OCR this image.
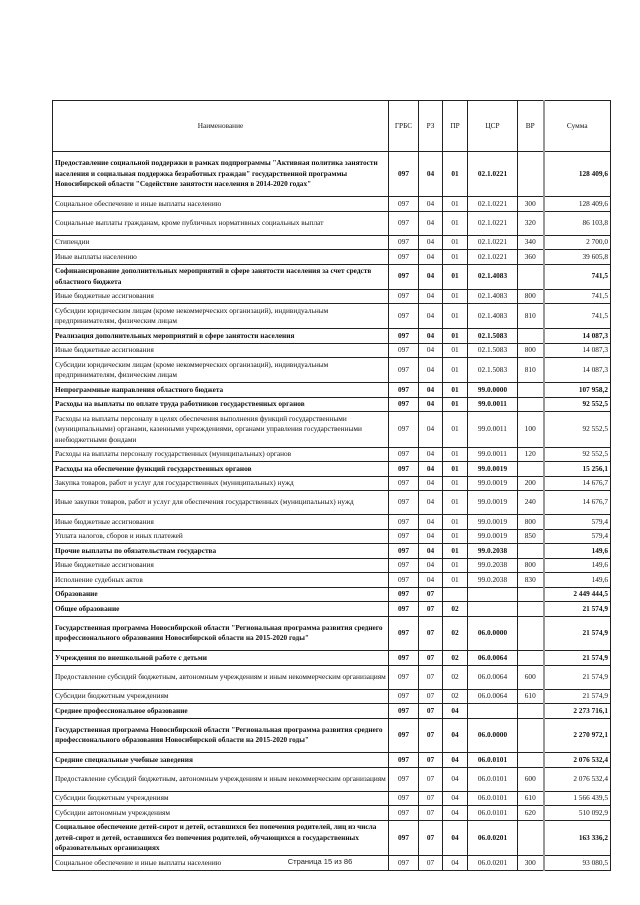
Наименование	ГРБС	РЗ	ПР	ЦСР	ВР	Сумма
Предоставление социальной поддержки в рамках подпрограммы "Активная политика занятости населения и социальная поддержка безработных граждан" государственной программы Новосибирской области "Содействие занятости населения в 2014-2020 годах"	097	04	01	02.1.0221		128 409,6
Социальное обеспечение и иные выплаты населению	097	04	01	02.1.0221	300	128 409,6
Социальные выплаты гражданам, кроме публичных нормативных социальных выплат	097	04	01	02.1.0221	320	86 103,8
Стипендии	097	04	01	02.1.0221	340	2 700,0
Иные выплаты населению	097	04	01	02.1.0221	360	39 605,8
Софинансирование дополнительных мероприятий в сфере занятости населения за счет средств областного бюджета	097	04	01	02.1.4083		741,5
Иные бюджетные ассигнования	097	04	01	02.1.4083	800	741,5
Субсидии юридическим лицам (кроме некоммерческих организаций), индивидуальным предпринимателям, физическим лицам	097	04	01	02.1.4083	810	741,5
Реализация дополнительных мероприятий в сфере занятости населения	097	04	01	02.1.5083		14 087,3
Иные бюджетные ассигнования	097	04	01	02.1.5083	800	14 087,3
Субсидии юридическим лицам (кроме некоммерческих организаций), индивидуальным предпринимателям, физическим лицам	097	04	01	02.1.5083	810	14 087,3
Непрограммные направления областного бюджета	097	04	01	99.0.0000		107 958,2
Расходы на выплаты по оплате труда работников государственных органов	097	04	01	99.0.0011		92 552,5
Расходы на выплаты персоналу в целях обеспечения выполнения функций государственными (муниципальными) органами, казенными учреждениями, органами управления государственными внебюджетными фондами	097	04	01	99.0.0011	100	92 552,5
Расходы на выплаты персоналу государственных (муниципальных) органов	097	04	01	99.0.0011	120	92 552,5
Расходы на обеспечение функций государственных органов	097	04	01	99.0.0019		15 256,1
Закупка товаров, работ и услуг для государственных (муниципальных) нужд	097	04	01	99.0.0019	200	14 676,7
Иные закупки товаров, работ и услуг для обеспечения государственных (муниципальных) нужд	097	04	01	99.0.0019	240	14 676,7
Иные бюджетные ассигнования	097	04	01	99.0.0019	800	579,4
Уплата налогов, сборов и иных платежей	097	04	01	99.0.0019	850	579,4
Прочие выплаты по обязательствам государства	097	04	01	99.0.2038		149,6
Иные бюджетные ассигнования	097	04	01	99.0.2038	800	149,6
Исполнение судебных актов	097	04	01	99.0.2038	830	149,6
Образование	097	07				2 449 444,5
Общее образование	097	07	02			21 574,9
Государственная программа Новосибирской области "Региональная программа развития среднего профессионального образования Новосибирской области на 2015-2020 годы"	097	07	02	06.0.0000		21 574,9
Учреждения по внешкольной работе с детьми	097	07	02	06.0.0064		21 574,9
Предоставление субсидий бюджетным, автономным учреждениям и иным некоммерческим организациям	097	07	02	06.0.0064	600	21 574,9
Субсидии бюджетным учреждениям	097	07	02	06.0.0064	610	21 574,9
Среднее профессиональное образование	097	07	04			2 273 716,1
Государственная программа Новосибирской области "Региональная программа развития среднего профессионального образования Новосибирской области на 2015-2020 годы"	097	07	04	06.0.0000		2 270 972,1
Средние специальные учебные заведения	097	07	04	06.0.0101		2 076 532,4
Предоставление субсидий бюджетным, автономным учреждениям и иным некоммерческим организациям	097	07	04	06.0.0101	600	2 076 532,4
Субсидии бюджетным учреждениям	097	07	04	06.0.0101	610	1 566 439,5
Субсидии автономным учреждениям	097	07	04	06.0.0101	620	510 092,9
Социальное обеспечение детей-сирот и детей, оставшихся без попечения родителей, лиц из числа детей-сирот и детей, оставшихся без попечения родителей, обучающихся в государственных образовательных организациях	097	07	04	06.0.0201		163 336,2
Социальное обеспечение и иные выплаты населению	097	07	04	06.0.0201	300	93 080,5
Страница 15 из 86
